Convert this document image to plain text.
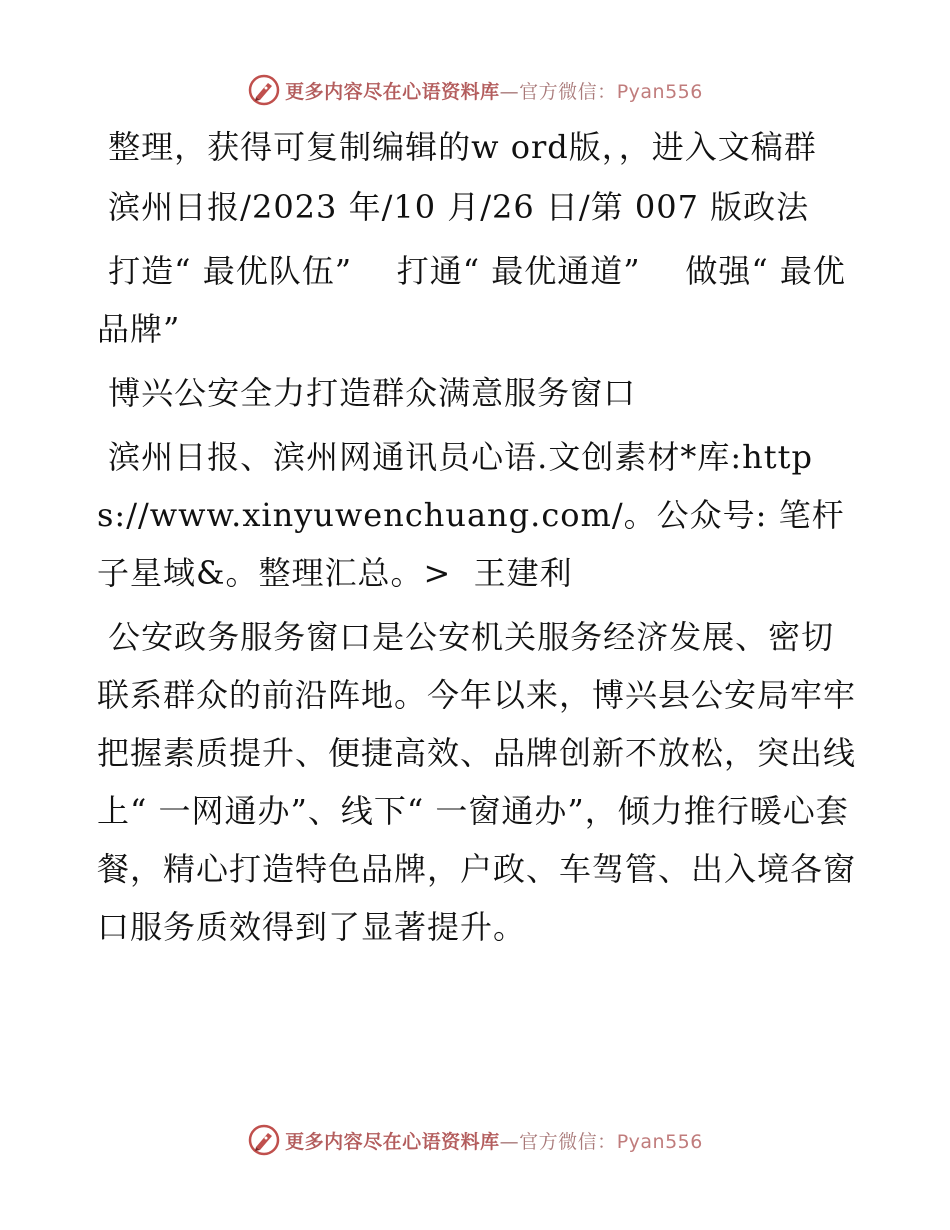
更多内容尽在心语资料库—官方微信：Pyan556

整理，获得可复制编辑的w ord版，，进入文稿群

滨州日报/2023 年/10 月/26 日/第 007 版政法

打造“ 最优队伍”    打通“ 最优通道”    做强“ 最优品牌”

博兴公安全力打造群众满意服务窗口

滨州日报、滨州网通讯员心语.文创素材*库:https://www.xinyuwenchuang.com/。公众号: 笔杆子星域&。整理汇总。>  王建利

公安政务服务窗口是公安机关服务经济发展、密切联系群众的前沿阵地。今年以来，博兴县公安局牢牢把握素质提升、便捷高效、品牌创新不放松，突出线上“ 一网通办”、线下“ 一窗通办”，倾力推行暖心套餐，精心打造特色品牌，户政、车驾管、出入境各窗口服务质效得到了显著提升。

更多内容尽在心语资料库—官方微信：Pyan556
